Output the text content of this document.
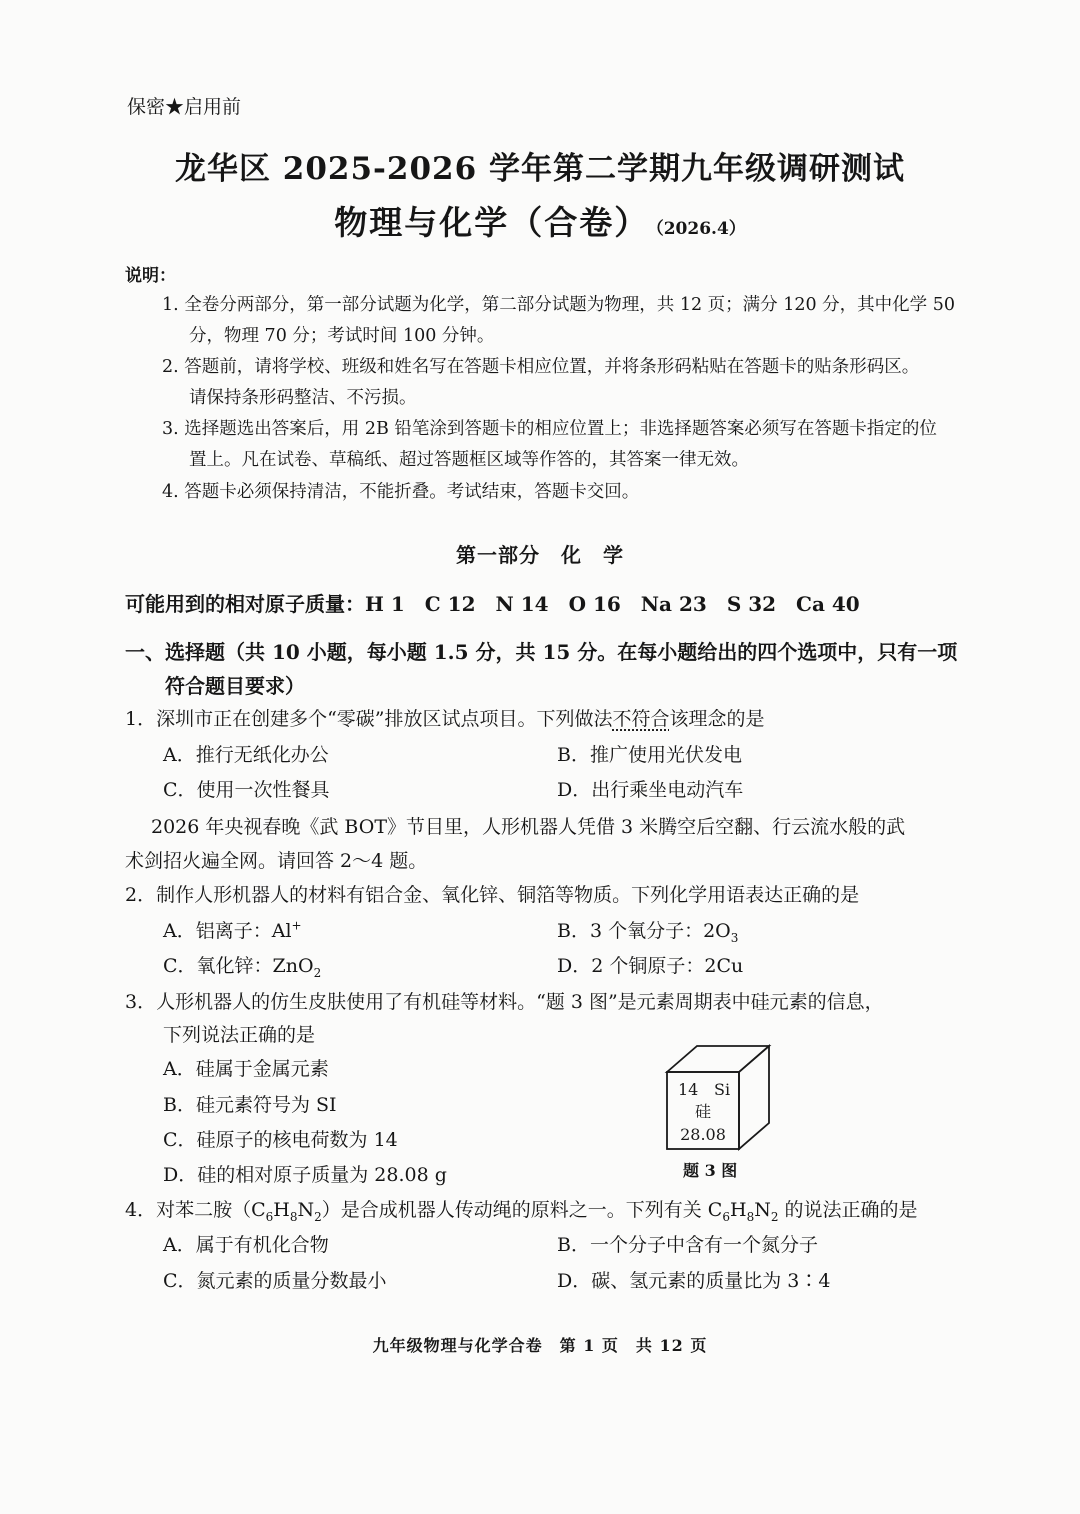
保密★启用前
龙华区 2025-2026 学年第二学期九年级调研测试
物理与化学（合卷） （2026.4）
说明：
1. 全卷分两部分，第一部分试题为化学，第二部分试题为物理，共 12 页；满分 120 分，其中化学 50
分，物理 70 分；考试时间 100 分钟。
2. 答题前，请将学校、班级和姓名写在答题卡相应位置，并将条形码粘贴在答题卡的贴条形码区。
请保持条形码整洁、不污损。
3. 选择题选出答案后，用 2B 铅笔涂到答题卡的相应位置上；非选择题答案必须写在答题卡指定的位
置上。凡在试卷、草稿纸、超过答题框区域等作答的，其答案一律无效。
4. 答题卡必须保持清洁，不能折叠。考试结束，答题卡交回。
第一部分　化　学
可能用到的相对原子质量：H 1　C 12　N 14　O 16　Na 23　S 32　Ca 40
一、选择题（共 10 小题，每小题 1.5 分，共 15 分。在每小题给出的四个选项中，只有一项
符合题目要求）
1．深圳市正在创建多个“零碳”排放区试点项目。下列做法不符合该理念的是
A．推行无纸化办公	B．推广使用光伏发电
C．使用一次性餐具	D．出行乘坐电动汽车
2026 年央视春晚《武 BOT》节目里，人形机器人凭借 3 米腾空后空翻、行云流水般的武
术剑招火遍全网。请回答 2～4 题。
2．制作人形机器人的材料有铝合金、氧化锌、铜箔等物质。下列化学用语表达正确的是
A．铝离子：Al+	B．3 个氧分子：$2O_3$
C．氧化锌：ZnO$_2$	D．2 个铜原子：2Cu
3．人形机器人的仿生皮肤使用了有机硅等材料。“题 3 图”是元素周期表中硅元素的信息，
下列说法正确的是
A．硅属于金属元素
B．硅元素符号为 SI
C．硅原子的核电荷数为 14
D．硅的相对原子质量为 28.08 g
14 Si
硅
28.08
题 3 图
4．对苯二胺$(C_6H_8N_2)$是合成机器人传动绳的原料之一。下列有关 $C_6H_8N_2$ 的说法正确的是
A．属于有机化合物	B．一个分子中含有一个氮分子
C．氮元素的质量分数最小	D．碳、氢元素的质量比为 3∶4
九年级物理与化学合卷　第 1 页　共 12 页
